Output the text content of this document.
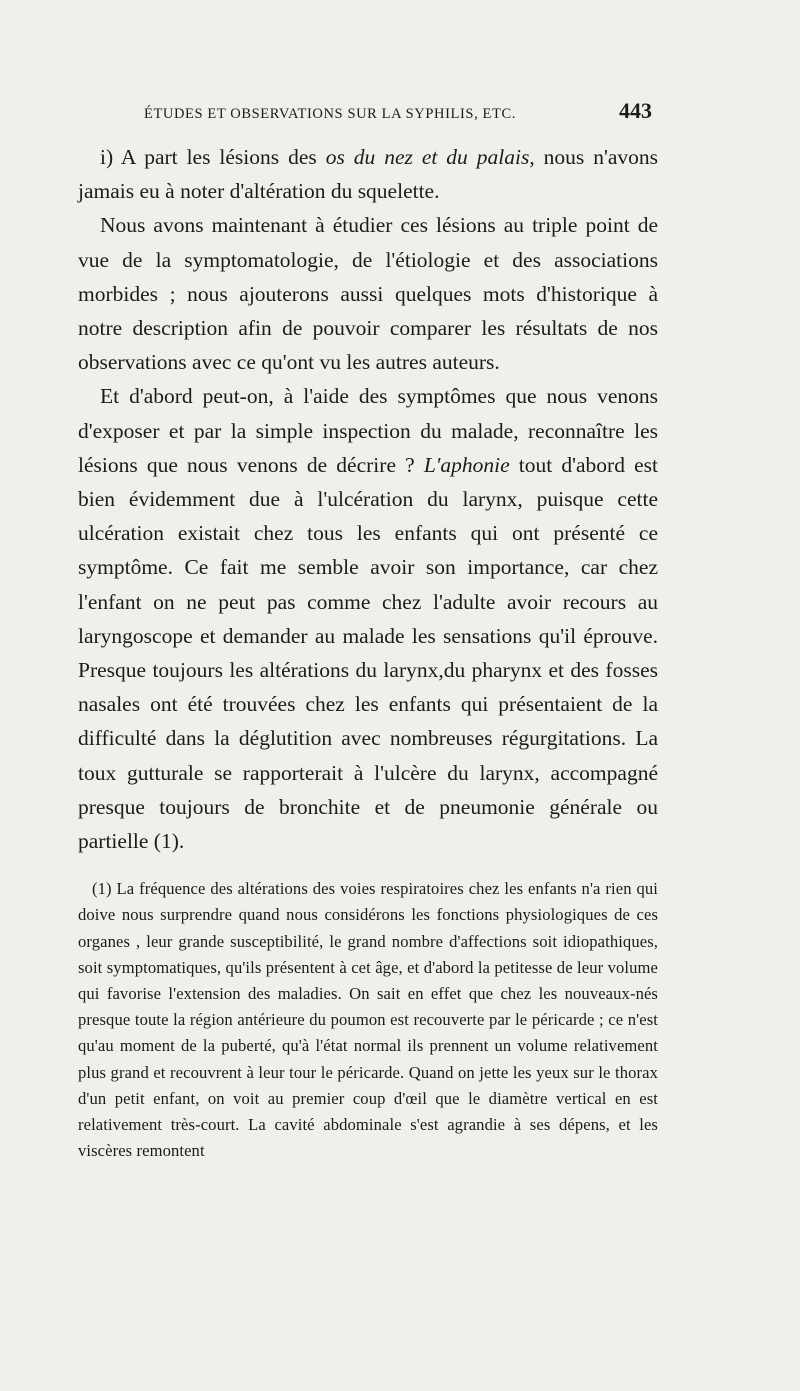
ÉTUDES ET OBSERVATIONS SUR LA SYPHILIS, ETC.	443

i) A part les lésions des os du nez et du palais, nous n'avons jamais eu à noter d'altération du squelette.

Nous avons maintenant à étudier ces lésions au triple point de vue de la symptomatologie, de l'étiologie et des associations morbides ; nous ajouterons aussi quelques mots d'historique à notre description afin de pouvoir comparer les résultats de nos observations avec ce qu'ont vu les autres auteurs.

Et d'abord peut-on, à l'aide des symptômes que nous venons d'exposer et par la simple inspection du malade, reconnaître les lésions que nous venons de décrire ? L'aphonie tout d'abord est bien évidemment due à l'ulcération du larynx, puisque cette ulcération existait chez tous les enfants qui ont présenté ce symptôme. Ce fait me semble avoir son importance, car chez l'enfant on ne peut pas comme chez l'adulte avoir recours au laryngoscope et demander au malade les sensations qu'il éprouve. Presque toujours les altérations du larynx,du pharynx et des fosses nasales ont été trouvées chez les enfants qui présentaient de la difficulté dans la déglutition avec nombreuses régurgitations. La toux gutturale se rapporterait à l'ulcère du larynx, accompagné presque toujours de bronchite et de pneumonie générale ou partielle (1).

(1) La fréquence des altérations des voies respiratoires chez les enfants n'a rien qui doive nous surprendre quand nous considérons les fonctions physiologiques de ces organes , leur grande susceptibilité, le grand nombre d'affections soit idiopathiques, soit symptomatiques, qu'ils présentent à cet âge, et d'abord la petitesse de leur volume qui favorise l'extension des maladies. On sait en effet que chez les nouveaux-nés presque toute la région antérieure du poumon est recouverte par le péricarde ; ce n'est qu'au moment de la puberté, qu'à l'état normal ils prennent un volume relativement plus grand et recouvrent à leur tour le péricarde. Quand on jette les yeux sur le thorax d'un petit enfant, on voit au premier coup d'œil que le diamètre vertical en est relativement très-court. La cavité abdominale s'est agrandie à ses dépens, et les viscères remontent
